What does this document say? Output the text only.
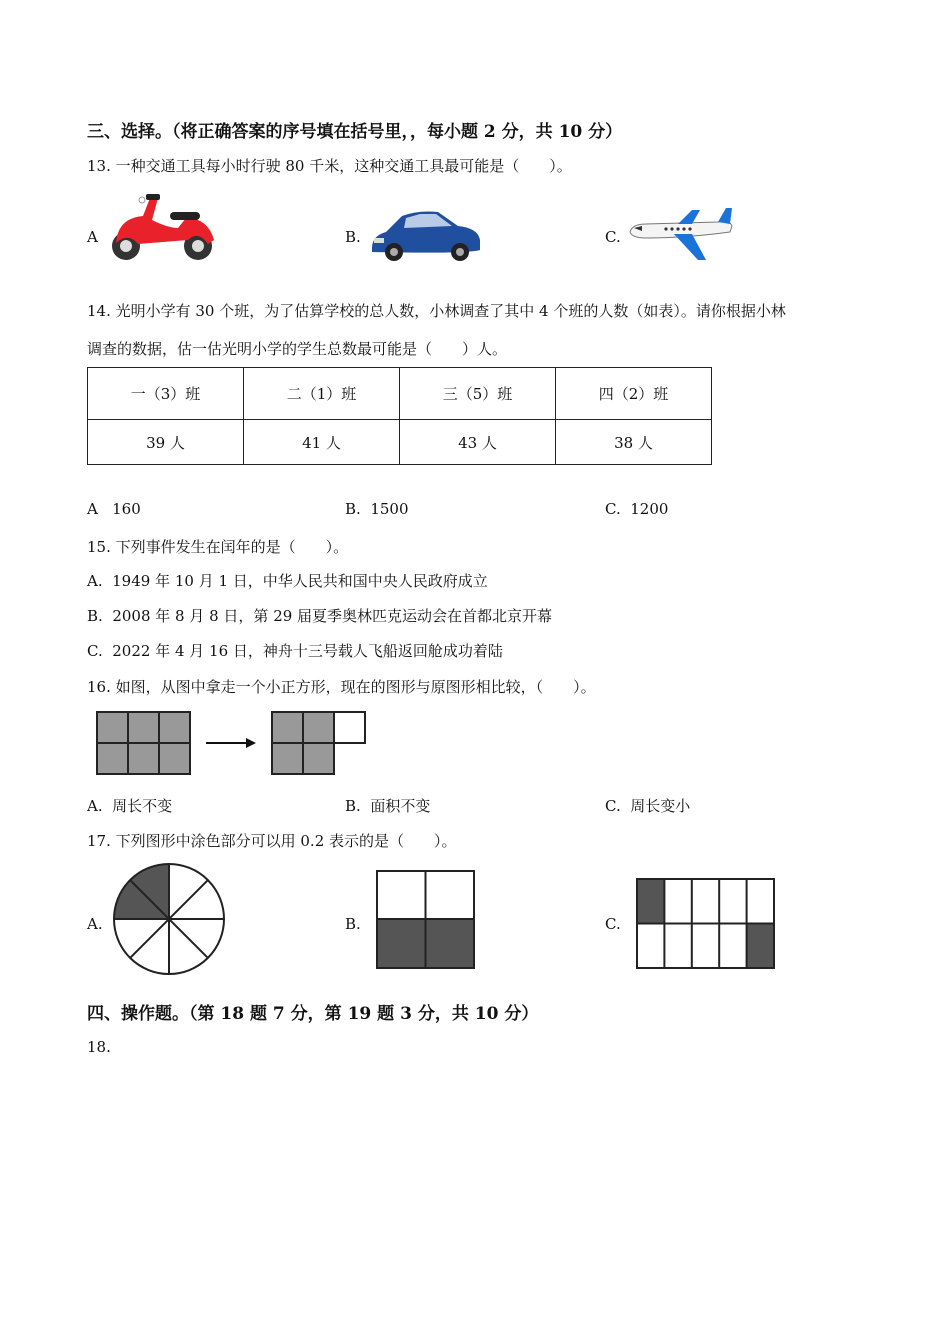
三、选择。（将正确答案的序号填在括号里，，每小题 2 分，共 10 分）
13. 一种交通工具每小时行驶 80 千米，这种交通工具最可能是（　　）。
A	B.	C.
14. 光明小学有 30 个班，为了估算学校的总人数，小林调查了其中 4 个班的人数（如表）。请你根据小林
调查的数据，估一估光明小学的学生总数最可能是（　　）人。
一（3）班	二（1）班	三（5）班	四（2）班
39 人	41 人	43 人	38 人
A   160	B.  1500	C.  1200
15. 下列事件发生在闰年的是（　　）。
A.  1949 年 10 月 1 日，中华人民共和国中央人民政府成立
B.  2008 年 8 月 8 日，第 29 届夏季奥林匹克运动会在首都北京开幕
C.  2022 年 4 月 16 日，神舟十三号载人飞船返回舱成功着陆
16. 如图，从图中拿走一个小正方形，现在的图形与原图形相比较，（　　）。
A.  周长不变	B.  面积不变	C.  周长变小
17. 下列图形中涂色部分可以用 0.2 表示的是（　　）。
A.	B.	C.
四、操作题。（第 18 题 7 分，第 19 题 3 分，共 10 分）
18.
